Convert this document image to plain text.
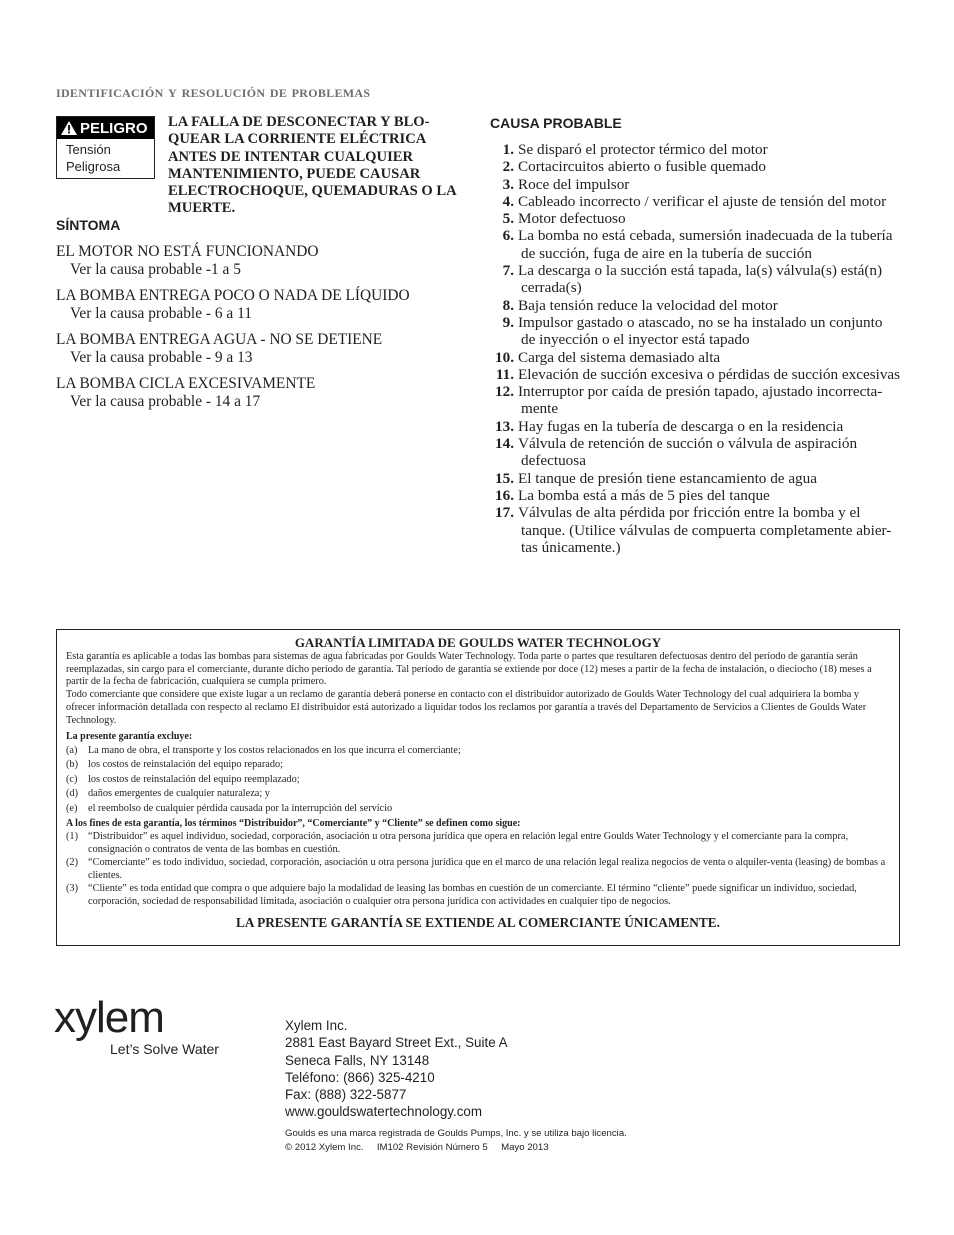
identificación y resolución de problemas
PELIGRO
Tensión
Peligrosa
LA FALLA DE DESCONECTAR Y BLO-QUEAR LA CORRIENTE ELÉCTRICA ANTES DE INTENTAR CUALQUIER MANTENIMIENTO, PUEDE CAUSAR ELECTROCHOQUE, QUEMADURAS O LA MUERTE.
SÍNTOMA
EL MOTOR NO ESTÁ FUNCIONANDO
Ver la causa probable -1 a 5
LA BOMBA ENTREGA POCO O NADA DE LÍQUIDO
Ver la causa probable - 6 a 11
LA BOMBA ENTREGA AGUA - NO SE DETIENE
Ver la causa probable - 9 a 13
LA BOMBA CICLA EXCESIVAMENTE
Ver la causa probable - 14 a 17
CAUSA PROBABLE
1. Se disparó el protector térmico del motor
2. Cortacircuitos abierto o fusible quemado
3. Roce del impulsor
4. Cableado incorrecto / verificar el ajuste de tensión del motor
5. Motor defectuoso
6. La bomba no está cebada, sumersión inadecuada de la tubería
de succión, fuga de aire en la tubería de succión
7. La descarga o la succión está tapada, la(s) válvula(s) está(n)
cerrada(s)
8. Baja tensión reduce la velocidad del motor
9. Impulsor gastado o atascado, no se ha instalado un conjunto
de inyección o el inyector está tapado
10. Carga del sistema demasiado alta
11. Elevación de succión excesiva o pérdidas de succión excesivas
12. Interruptor por caída de presión tapado, ajustado incorrecta-
mente
13. Hay fugas en la tubería de descarga o en la residencia
14. Válvula de retención de succión o válvula de aspiración
defectuosa
15. El tanque de presión tiene estancamiento de agua
16. La bomba está a más de 5 pies del tanque
17. Válvulas de alta pérdida por fricción entre la bomba y el
tanque. (Utilice válvulas de compuerta completamente abier-
tas únicamente.)
GARANTÍA LIMITADA DE GOULDS WATER TECHNOLOGY
Esta garantía es aplicable a todas las bombas para sistemas de agua fabricadas por Goulds Water Technology. Toda parte o partes que resultaren defectuosas dentro del período de garantía serán reemplazadas, sin cargo para el comerciante, durante dicho período de garantía. Tal período de garantía se extiende por doce (12) meses a partir de la fecha de instalación, o dieciocho (18) meses a partir de la fecha de fabricación, cualquiera se cumpla primero.
Todo comerciante que considere que existe lugar a un reclamo de garantía deberá ponerse en contacto con el distribuidor autorizado de Goulds Water Technology del cual adquiriera la bomba y ofrecer información detallada con respecto al reclamo El distribuidor está autorizado a liquidar todos los reclamos por garantía a través del Departamento de Servicios a Clientes de Goulds Water Technology.
La presente garantía excluye:
(a)	La mano de obra, el transporte y los costos relacionados en los que incurra el comerciante;
(b) los costos de reinstalación del equipo reparado;
(c)	los costos de reinstalación del equipo reemplazado;
(d) daños emergentes de cualquier naturaleza; y
(e)	el reembolso de cualquier pérdida causada por la interrupción del servicio
A los fines de esta garantía, los términos “Distribuidor”, “Comerciante” y “Cliente” se definen como sigue:
(1) “Distribuidor” es aquel individuo, sociedad, corporación, asociación u otra persona jurídica que opera en relación legal entre Goulds Water Technology y el comerciante para la compra, consignación o contratos de venta de las bombas en cuestión.
(2) “Comerciante” es todo individuo, sociedad, corporación, asociación u otra persona jurídica que en el marco de una relación legal realiza negocios de venta o alquiler-venta (leasing) de bombas a clientes.
(3) “Cliente” es toda entidad que compra o que adquiere bajo la modalidad de leasing las bombas en cuestión de un comerciante. El término “cliente” puede significar un individuo, sociedad, corporación, sociedad de responsabilidad limitada, asociación o cualquier otra persona jurídica con actividades en cualquier tipo de negocios.
LA PRESENTE GARANTÍA SE EXTIENDE AL COMERCIANTE ÚNICAMENTE.
xylem
Let’s Solve Water
Xylem Inc.
2881 East Bayard Street Ext., Suite A
Seneca Falls, NY 13148
Teléfono: (866) 325-4210
Fax: (888) 322-5877
www.gouldswatertechnology.com
Goulds es una marca registrada de Goulds Pumps, Inc. y se utiliza bajo licencia.
© 2012 Xylem Inc.     IM102 Revisión Número 5     Mayo 2013
